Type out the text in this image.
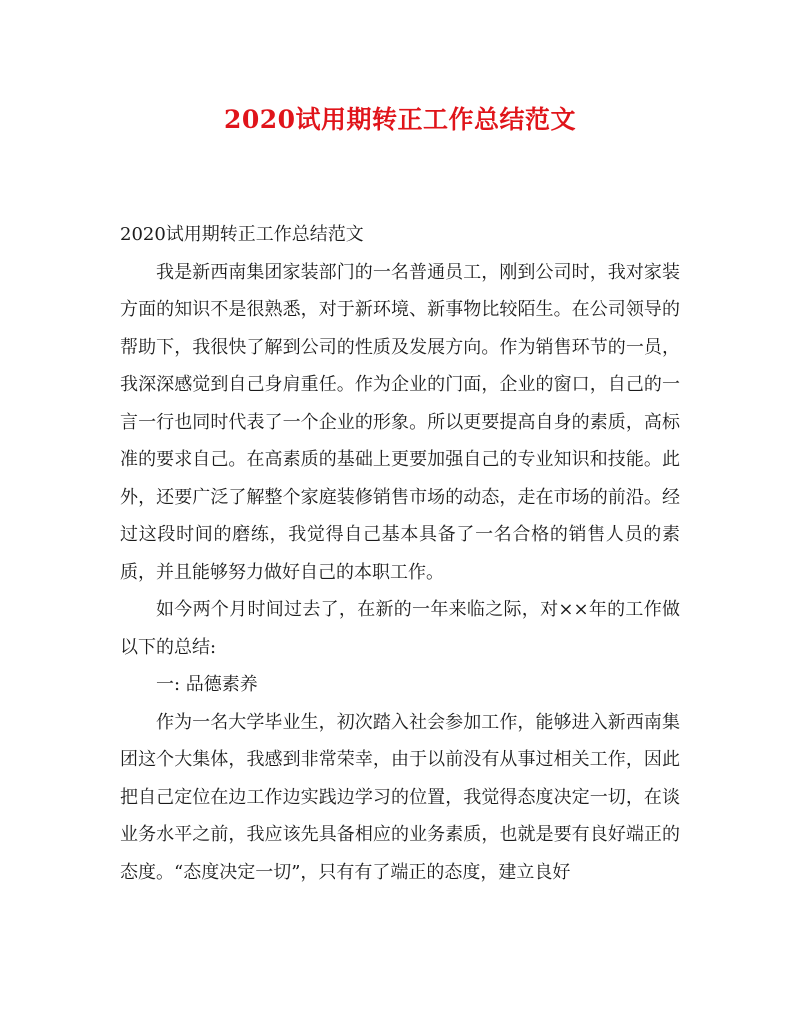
2020试用期转正工作总结范文

2020试用期转正工作总结范文

我是新西南集团家装部门的一名普通员工，刚到公司时，我对家装方面的知识不是很熟悉，对于新环境、新事物比较陌生。在公司领导的帮助下，我很快了解到公司的性质及发展方向。作为销售环节的一员，我深深感觉到自己身肩重任。作为企业的门面，企业的窗口，自己的一言一行也同时代表了一个企业的形象。所以更要提高自身的素质，高标准的要求自己。在高素质的基础上更要加强自己的专业知识和技能。此外，还要广泛了解整个家庭装修销售市场的动态，走在市场的前沿。经过这段时间的磨练，我觉得自己基本具备了一名合格的销售人员的素质，并且能够努力做好自己的本职工作。

如今两个月时间过去了，在新的一年来临之际，对××年的工作做以下的总结:

一: 品德素养

作为一名大学毕业生，初次踏入社会参加工作，能够进入新西南集团这个大集体，我感到非常荣幸，由于以前没有从事过相关工作，因此把自己定位在边工作边实践边学习的位置，我觉得态度决定一切，在谈业务水平之前，我应该先具备相应的业务素质，也就是要有良好端正的态度。“态度决定一切”，只有有了端正的态度，建立良好
